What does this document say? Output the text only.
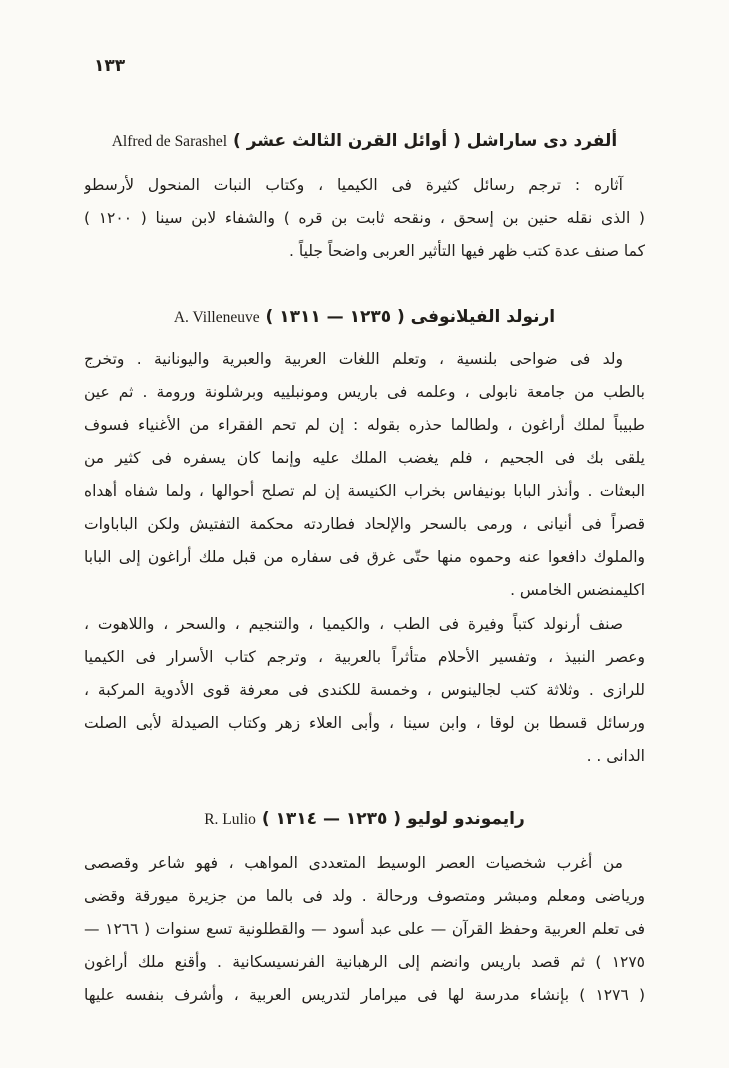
١٣٣
ألفرد دى ساراشل ( أوائل القرن الثالث عشر ) Alfred de Sarashel
آثاره : ترجم رسائل كثيرة فى الكيميا ، وكتاب النبات المنحول لأرسطو
( الذى نقله حنين بن إسحق ، ونقحه ثابت بن قره ) والشفاء لابن سينا ( ١٢٠٠ )
كما صنف عدة كتب ظهر فيها التأثير العربى واضحاً جلياً .
ارنولد الفيلانوفى ( ١٢٣٥ — ١٣١١ ) A. Villeneuve
ولد فى ضواحى بلنسية ، وتعلم اللغات العربية والعبرية واليونانية . وتخرج
بالطب من جامعة نابولى ، وعلمه فى باريس ومونبلييه وبرشلونة ورومة . ثم عين
طبيباً لملك أراغون ، ولطالما حذره بقوله : إن لم تحم الفقراء من الأغنياء فسوف
يلقى بك فى الجحيم ، فلم يغضب الملك عليه وإنما كان يسفره فى كثير من
البعثات . وأنذر البابا بونيفاس بخراب الكنيسة إن لم تصلح أحوالها ، ولما شفاه أهداه
قصراً فى أنيانى ، ورمى بالسحر والإلحاد فطاردته محكمة التفتيش ولكن الباباوات
والملوك دافعوا عنه وحموه منها حتّى غرق فى سفاره من قبل ملك أراغون إلى البابا
اكليمنضس الخامس .
صنف أرنولد كتباً وفيرة فى الطب ، والكيميا ، والتنجيم ، والسحر ، واللاهوت ،
وعصر النبيذ ، وتفسير الأحلام متأثراً بالعربية ، وترجم كتاب الأسرار فى الكيميا
للرازى . وثلاثة كتب لجالينوس ، وخمسة للكندى فى معرفة قوى الأدوية المركبة ،
ورسائل قسطا بن لوقا ، وابن سينا ، وأبى العلاء زهر وكتاب الصيدلة لأبى الصلت
الدانى . .
رايموندو لوليو ( ١٢٣٥ — ١٣١٤ ) R. Lulio
من أغرب شخصيات العصر الوسيط المتعددى المواهب ، فهو شاعر وقصصى
ورياضى ومعلم ومبشر ومتصوف ورحالة . ولد فى بالما من جزيرة ميورقة وقضى
فى تعلم العربية وحفظ القرآن — على عبد أسود — والقطلونية تسع سنوات ( ١٢٦٦ —
١٢٧٥ ) ثم قصد باريس وانضم إلى الرهبانية الفرنسيسكانية . وأقنع ملك أراغون
( ١٢٧٦ ) بإنشاء مدرسة لها فى ميرامار لتدريس العربية ، وأشرف بنفسه عليها
